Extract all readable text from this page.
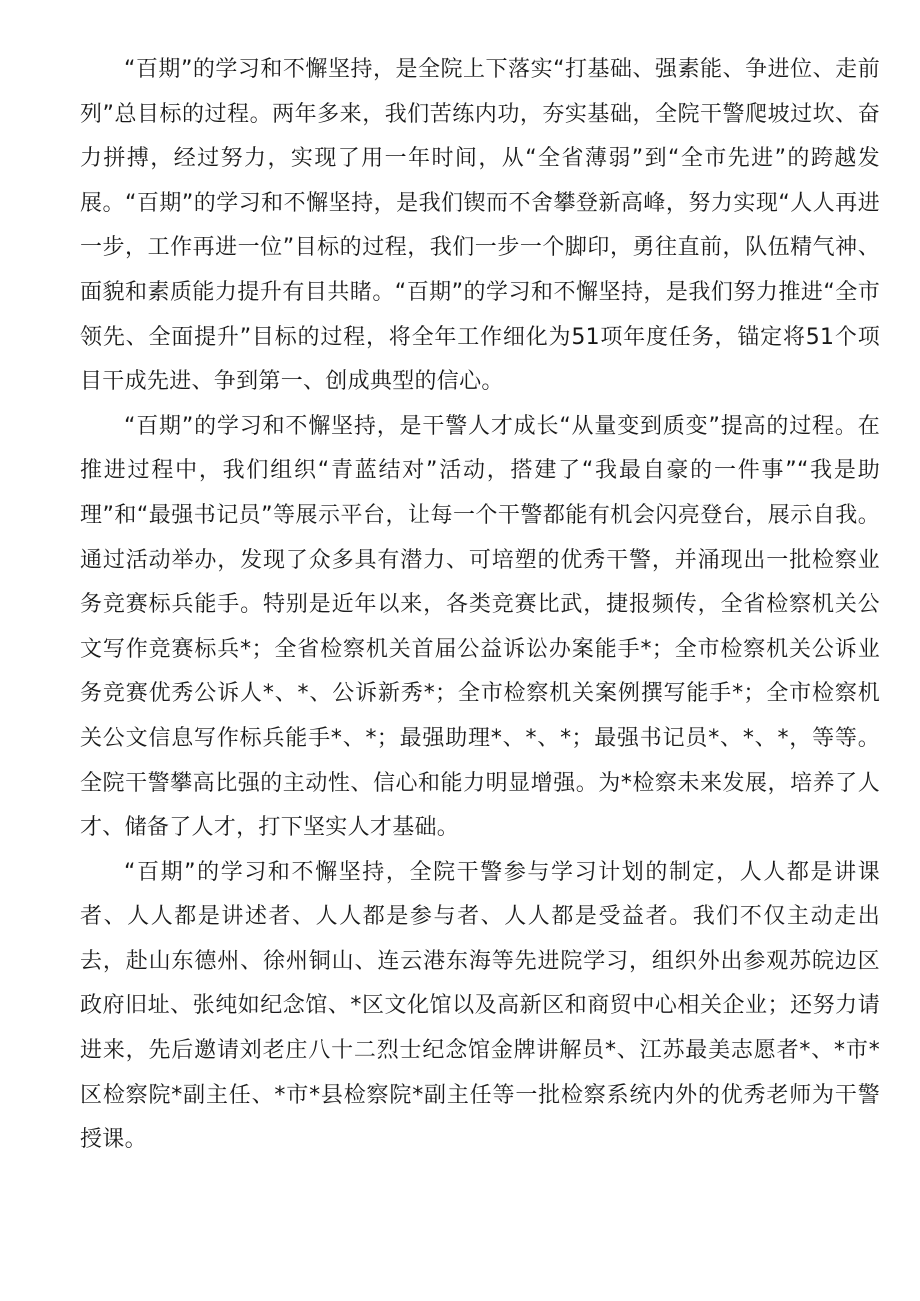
“百期”的学习和不懈坚持，是全院上下落实“打基础、强素能、争进位、走前列”总目标的过程。两年多来，我们苦练内功，夯实基础，全院干警爬坡过坎、奋力拼搏，经过努力，实现了用一年时间，从“全省薄弱”到“全市先进”的跨越发展。“百期”的学习和不懈坚持，是我们锲而不舍攀登新高峰，努力实现“人人再进一步，工作再进一位”目标的过程，我们一步一个脚印，勇往直前，队伍精气神、面貌和素质能力提升有目共睹。“百期”的学习和不懈坚持，是我们努力推进“全市领先、全面提升”目标的过程，将全年工作细化为51项年度任务，锚定将51个项目干成先进、争到第一、创成典型的信心。

“百期”的学习和不懈坚持，是干警人才成长“从量变到质变”提高的过程。在推进过程中，我们组织“青蓝结对”活动，搭建了“我最自豪的一件事”“我是助理”和“最强书记员”等展示平台，让每一个干警都能有机会闪亮登台，展示自我。通过活动举办，发现了众多具有潜力、可培塑的优秀干警，并涌现出一批检察业务竞赛标兵能手。特别是近年以来，各类竞赛比武，捷报频传，全省检察机关公文写作竞赛标兵*；全省检察机关首届公益诉讼办案能手*；全市检察机关公诉业务竞赛优秀公诉人*、*、公诉新秀*；全市检察机关案例撰写能手*；全市检察机关公文信息写作标兵能手*、*；最强助理*、*、*；最强书记员*、*、*，等等。全院干警攀高比强的主动性、信心和能力明显增强。为*检察未来发展，培养了人才、储备了人才，打下坚实人才基础。

“百期”的学习和不懈坚持，全院干警参与学习计划的制定，人人都是讲课者、人人都是讲述者、人人都是参与者、人人都是受益者。我们不仅主动走出去，赴山东德州、徐州铜山、连云港东海等先进院学习，组织外出参观苏皖边区政府旧址、张纯如纪念馆、*区文化馆以及高新区和商贸中心相关企业；还努力请进来，先后邀请刘老庄八十二烈士纪念馆金牌讲解员*、江苏最美志愿者*、*市*区检察院*副主任、*市*县检察院*副主任等一批检察系统内外的优秀老师为干警授课。
